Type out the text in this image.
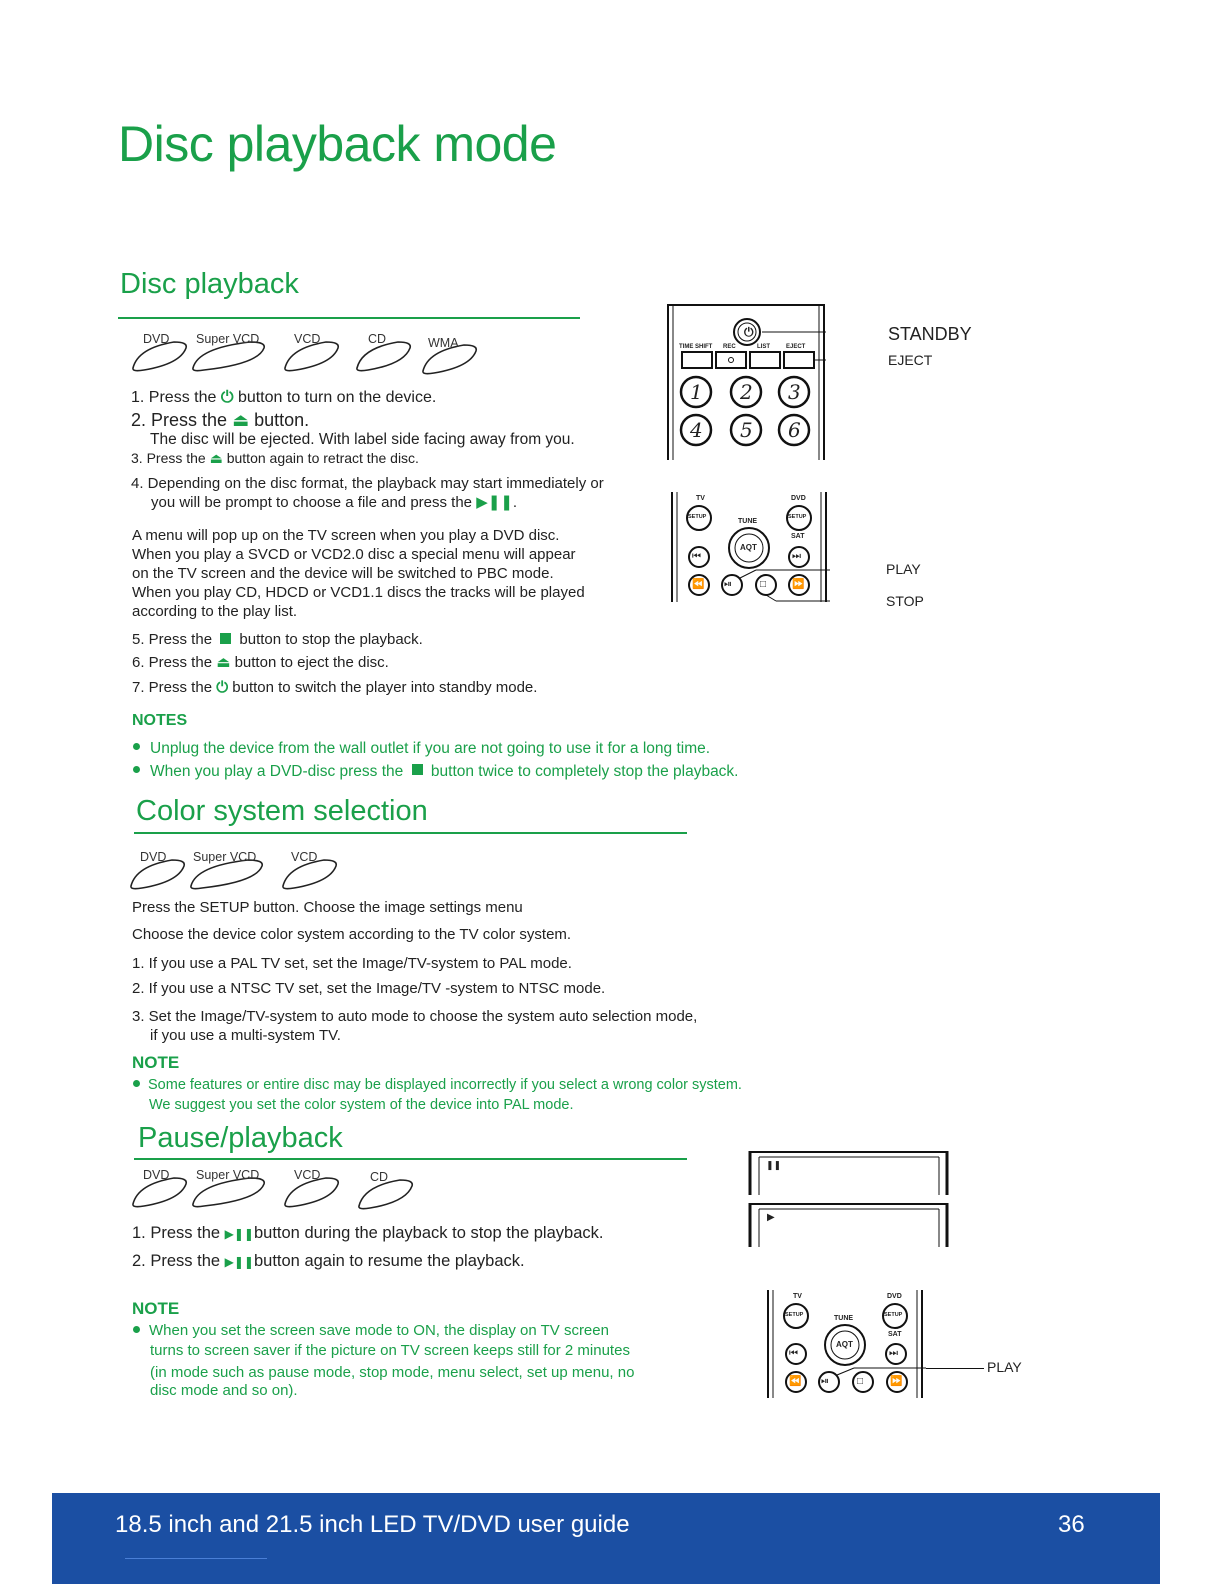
Disc playback mode
Disc playback
DVD Super VCD	VCD	CD	WMA
1. Press the ⏻ button to turn on the device.
2. Press the ⏏ button.
The disc will be ejected. With label side facing away from you.
3. Press the ⏏ button again to retract the disc.
4. Depending on the disc format, the playback may start immediately or
you will be prompt to choose a file and press the ▶❚❚.
A menu will pop up on the TV screen when you play a DVD disc.
When you play a SVCD or VCD2.0 disc a special menu will appear
on the TV screen and the device will be switched to PBC mode.
When you play CD, HDCD or VCD1.1 discs the tracks will be played
according to the play list.
5. Press the button to stop the playback.
6. Press the ⏏ button to eject the disc.
7. Press the ⏻ button to switch the player into standby mode.
NOTES
Unplug the device from the wall outlet if you are not going to use it for a long time.
When you play a DVD-disc press the button twice to completely stop the playback.
⏻
TIME SHIFT REC	LIST	EJECT
1 2 3
4 5 6
STANDBY
EJECT
TV	DVD
TUNE
SAT
SETUP	SETUP
AQT
⏮	⏭
⏪ ⏯	□	⏩
PLAY
STOP
Color system selection
DVD Super VCD	VCD
Press the SETUP button. Choose the image settings menu
Choose the device color system according to the TV color system.
1. If you use a PAL TV set, set the Image/TV-system to PAL mode.
2. If you use a NTSC TV set, set the Image/TV -system to NTSC mode.
3. Set the Image/TV-system to auto mode to choose the system auto selection mode,
if you use a multi-system TV.
NOTE
Some features or entire disc may be displayed incorrectly if you select a wrong color system.
We suggest you set the color system of the device into PAL mode.
Pause/playback
DVD Super VCD	VCD	CD
1. Press the ▶❚❚button during the playback to stop the playback.
2. Press the ▶❚❚button again to resume the playback.
NOTE
When you set the screen save mode to ON, the display on TV screen
turns to screen saver if the picture on TV screen keeps still for 2 minutes
(in mode such as pause mode, stop mode, menu select, set up menu, no
disc mode and so on).
❚❚
▶
TV	DVD
TUNE
SAT
SETUP	SETUP
AQT
⏮	⏭
⏪ ⏯	□	⏩
PLAY
18.5 inch and 21.5 inch LED TV/DVD user guide	36
